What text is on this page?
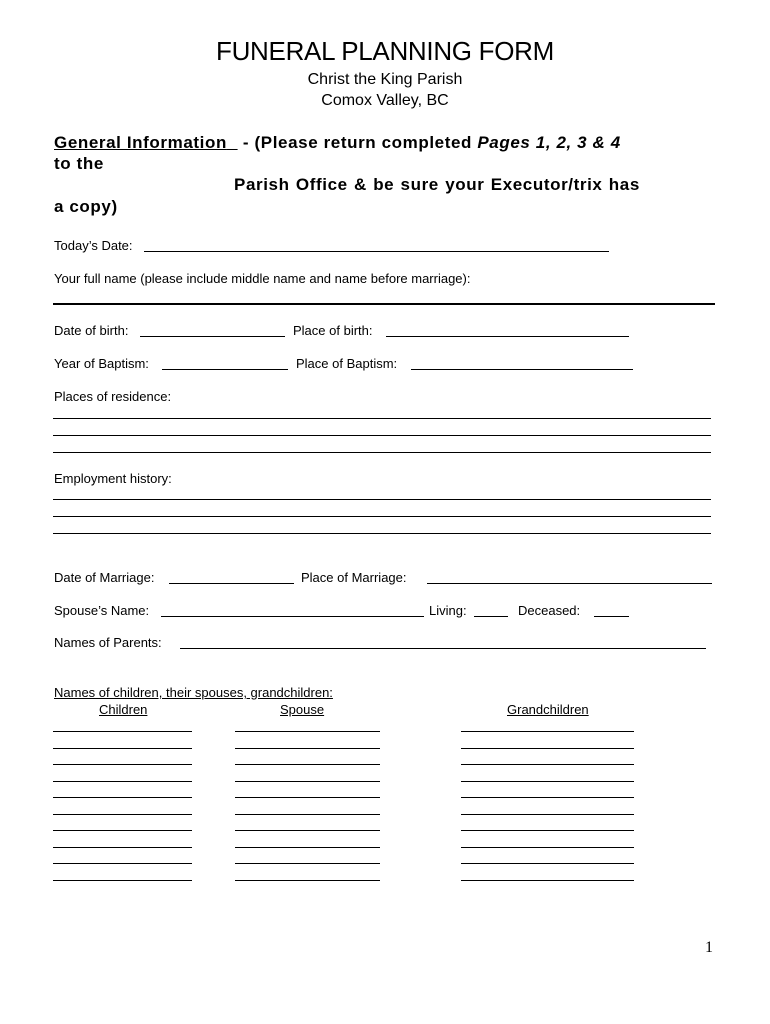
FUNERAL PLANNING FORM
Christ the King Parish
Comox Valley, BC
General Information   - (Please return completed Pages 1, 2, 3 & 4
to the
Parish Office & be sure your Executor/trix has
a copy)
Today’s Date:
Your full name (please include middle name and name before marriage):
Date of birth:	Place of birth:
Year of Baptism:	Place of Baptism:
Places of residence:
Employment history:
Date of Marriage:	Place of Marriage:
Spouse’s Name:	Living:	Deceased:
Names of Parents:
Names of children, their spouses, grandchildren:
Children	Spouse	Grandchildren
1
